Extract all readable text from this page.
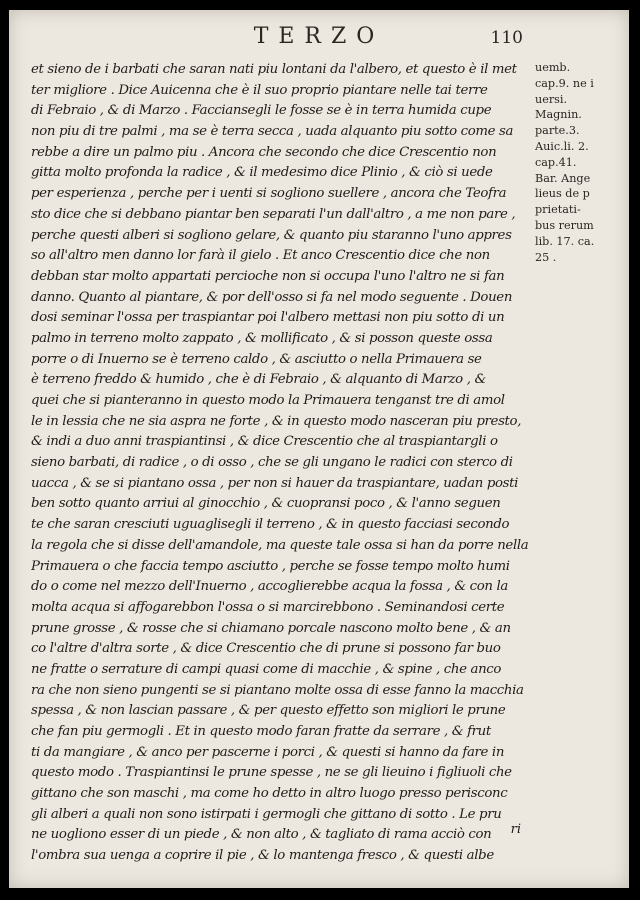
TERZO	110
et sieno de i barbati che saran nati piu lontani da l'albero, et questo è il met
ter migliore . Dice Auicenna che è il suo proprio piantare nelle tai terre
di Febraio , & di Marzo . Facciansegli le fosse se è in terra humida cupe
non piu di tre palmi , ma se è terra secca , uada alquanto piu sotto come sa
rebbe a dire un palmo piu . Ancora che secondo che dice Crescentio non
gitta molto profonda la radice , & il medesimo dice Plinio , & ciò si uede
per esperienza , perche per i uenti si sogliono suellere , ancora che Teofra
sto dice che si debbano piantar ben separati l'un dall'altro , a me non pare ,
perche questi alberi si sogliono gelare, & quanto piu staranno l'uno appres
so all'altro men danno lor farà il gielo . Et anco Crescentio dice che non
debban star molto appartati percioche non si occupa l'uno l'altro ne si fan
danno. Quanto al piantare, & por dell'osso si fa nel modo seguente . Douen
dosi seminar l'ossa per traspiantar poi l'albero mettasi non piu sotto di un
palmo in terreno molto zappato , & mollificato , & si posson queste ossa
porre o di Inuerno se è terreno caldo , & asciutto o nella Primauera se
è terreno freddo & humido , che è di Febraio , & alquanto di Marzo , &
quei che si pianteranno in questo modo la Primauera tenganst tre di amol
le in lessia che ne sia aspra ne forte , & in questo modo nasceran piu presto,
& indi a duo anni traspiantinsi , & dice Crescentio che al traspiantargli o
sieno barbati, di radice , o di osso , che se gli ungano le radici con sterco di
uacca , & se si piantano ossa , per non si hauer da traspiantare, uadan posti
ben sotto quanto arriui al ginocchio , & cuopransi poco , & l'anno seguen
te che saran cresciuti uguaglisegli il terreno , & in questo facciasi secondo
la regola che si disse dell'amandole, ma queste tale ossa si han da porre nella
Primauera o che faccia tempo asciutto , perche se fosse tempo molto humi
do o come nel mezzo dell'Inuerno , accoglierebbe acqua la fossa , & con la
molta acqua si affogarebbon l'ossa o si marcirebbono . Seminandosi certe
prune grosse , & rosse che si chiamano porcale nascono molto bene , & an
co l'altre d'altra sorte , & dice Crescentio che di prune si possono far buo
ne fratte o serrature di campi quasi come di macchie , & spine , che anco
ra che non sieno pungenti se si piantano molte ossa di esse fanno la macchia
spessa , & non lascian passare , & per questo effetto son migliori le prune
che fan piu germogli . Et in questo modo faran fratte da serrare , & frut
ti da mangiare , & anco per pascerne i porci , & questi si hanno da fare in
questo modo . Traspiantinsi le prune spesse , ne se gli lieuino i figliuoli che
gittano che son maschi , ma come ho detto in altro luogo presso perisconc
gli alberi a quali non sono istirpati i germogli che gittano di sotto . Le pru
ne uogliono esser di un piede , & non alto , & tagliato di rama acciò con
l'ombra sua uenga a coprire il pie , & lo mantenga fresco , & questi albe
uemb.
cap.9. ne i
uersi.
Magnin.
parte.3.
Auic.li. 2.
cap.41.
Bar. Ange
lieus de p
prietati-
bus rerum
lib. 17. ca.
25 .
ri
